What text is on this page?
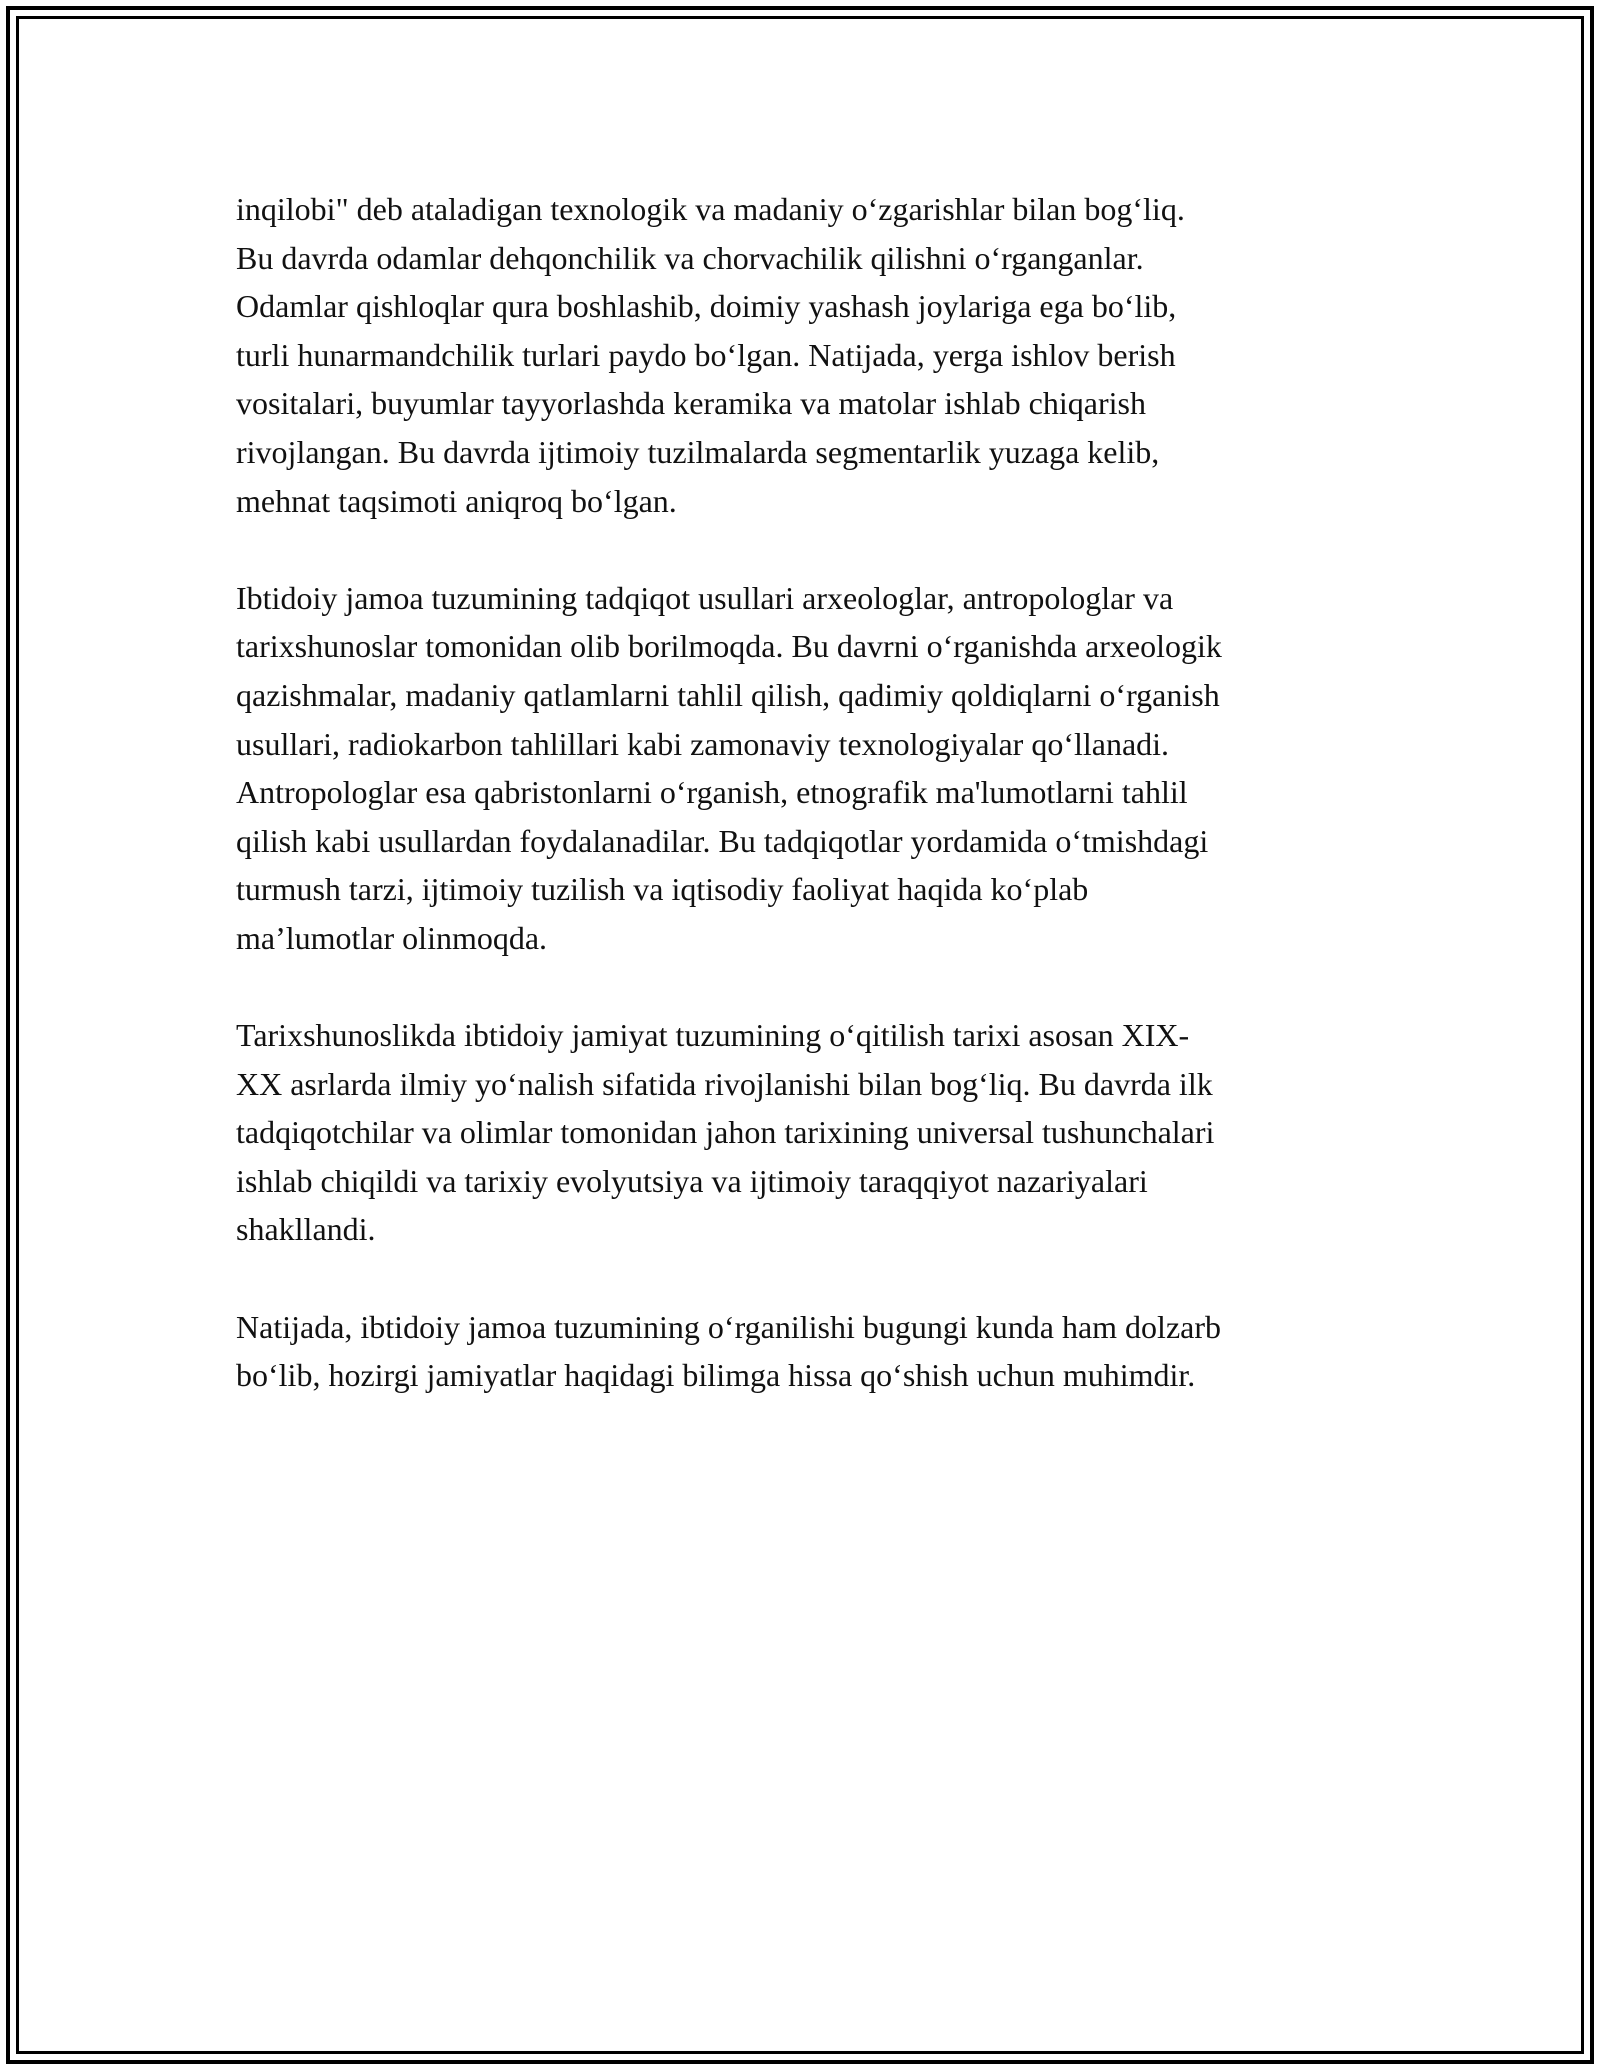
inqilobi" deb ataladigan texnologik va madaniy o‘zgarishlar bilan bog‘liq.
Bu davrda odamlar dehqonchilik va chorvachilik qilishni o‘rganganlar.
Odamlar qishloqlar qura boshlashib, doimiy yashash joylariga ega bo‘lib,
turli hunarmandchilik turlari paydo bo‘lgan. Natijada, yerga ishlov berish
vositalari, buyumlar tayyorlashda keramika va matolar ishlab chiqarish
rivojlangan. Bu davrda ijtimoiy tuzilmalarda segmentarlik yuzaga kelib,
mehnat taqsimoti aniqroq bo‘lgan.

Ibtidoiy jamoa tuzumining tadqiqot usullari arxeologlar, antropologlar va
tarixshunoslar tomonidan olib borilmoqda. Bu davrni o‘rganishda arxeologik
qazishmalar, madaniy qatlamlarni tahlil qilish, qadimiy qoldiqlarni o‘rganish
usullari, radiokarbon tahlillari kabi zamonaviy texnologiyalar qo‘llanadi.
Antropologlar esa qabristonlarni o‘rganish, etnografik ma'lumotlarni tahlil
qilish kabi usullardan foydalanadilar. Bu tadqiqotlar yordamida o‘tmishdagi
turmush tarzi, ijtimoiy tuzilish va iqtisodiy faoliyat haqida ko‘plab
ma’lumotlar olinmoqda.

Tarixshunoslikda ibtidoiy jamiyat tuzumining o‘qitilish tarixi asosan XIX-
XX asrlarda ilmiy yo‘nalish sifatida rivojlanishi bilan bog‘liq. Bu davrda ilk
tadqiqotchilar va olimlar tomonidan jahon tarixining universal tushunchalari
ishlab chiqildi va tarixiy evolyutsiya va ijtimoiy taraqqiyot nazariyalari
shakllandi.

Natijada, ibtidoiy jamoa tuzumining o‘rganilishi bugungi kunda ham dolzarb
bo‘lib, hozirgi jamiyatlar haqidagi bilimga hissa qo‘shish uchun muhimdir.
